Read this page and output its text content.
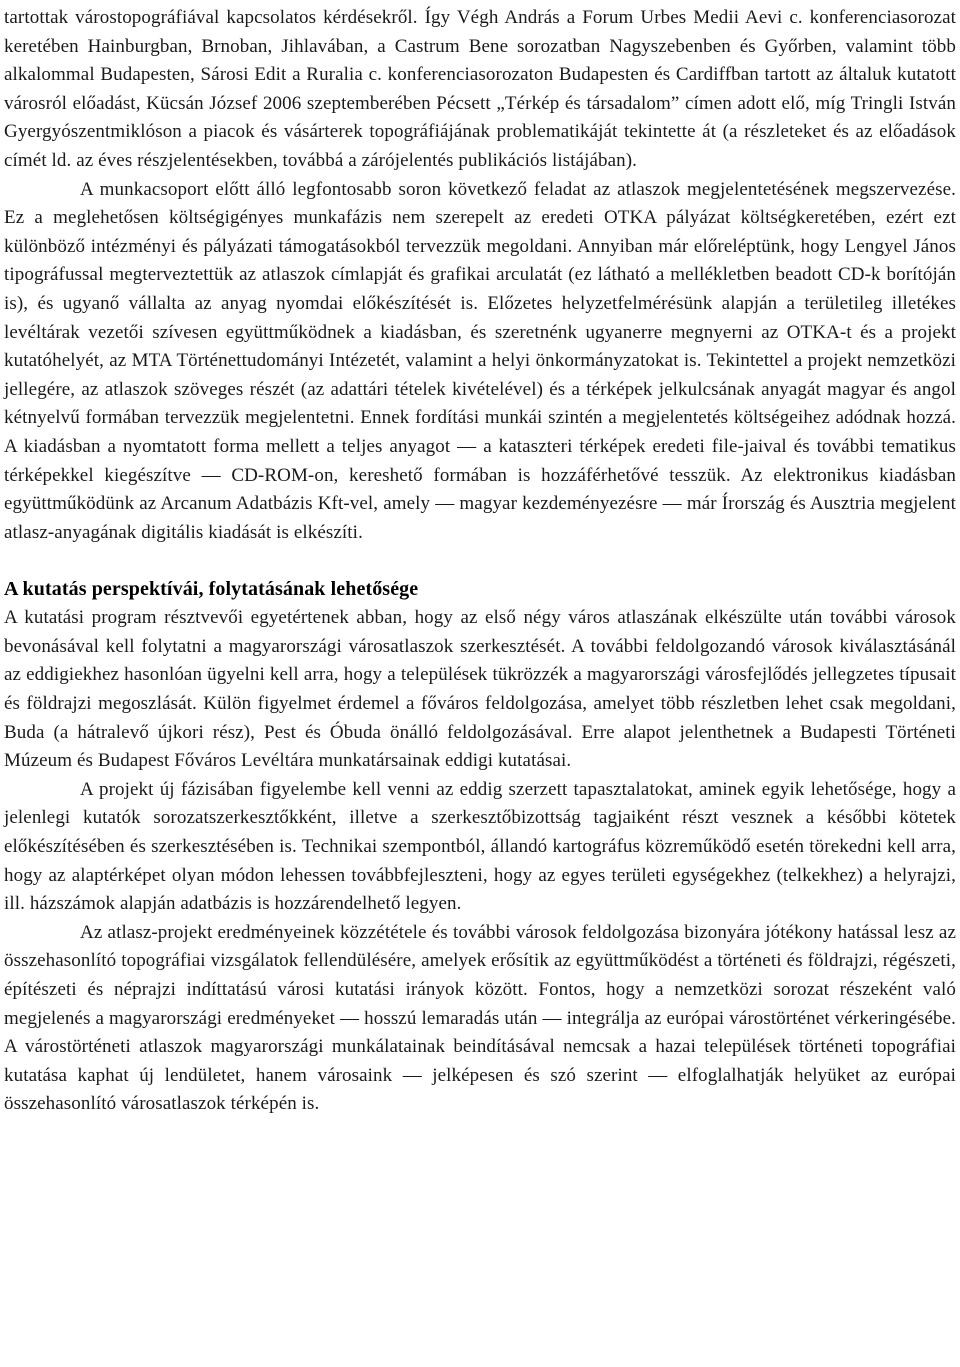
tartottak várostopográfiával kapcsolatos kérdésekről. Így Végh András a Forum Urbes Medii Aevi c. konferenciasorozat keretében Hainburgban, Brnoban, Jihlavában, a Castrum Bene sorozatban Nagyszebenben és Győrben, valamint több alkalommal Budapesten, Sárosi Edit a Ruralia c. konferenciasorozaton Budapesten és Cardiffban tartott az általuk kutatott városról előadást, Kücsán József 2006 szeptemberében Pécsett „Térkép és társadalom” címen adott elő, míg Tringli István Gyergyószentmiklóson a piacok és vásárterek topográfiájának problematikáját tekintette át (a részleteket és az előadások címét ld. az éves részjelentésekben, továbbá a zárójelentés publikációs listájában).

A munkacsoport előtt álló legfontosabb soron következő feladat az atlaszok megjelentetésének megszervezése. Ez a meglehetősen költségigényes munkafázis nem szerepelt az eredeti OTKA pályázat költségkeretében, ezért ezt különböző intézményi és pályázati támogatásokból tervezzük megoldani. Annyiban már előreléptünk, hogy Lengyel János tipográfussal megterveztettük az atlaszok címlapját és grafikai arculatát (ez látható a mellékletben beadott CD-k borítóján is), és ugyanő vállalta az anyag nyomdai előkészítését is. Előzetes helyzetfelmérésünk alapján a területileg illetékes levéltárak vezetői szívesen együttműködnek a kiadásban, és szeretnénk ugyanerre megnyerni az OTKA-t és a projekt kutatóhelyét, az MTA Történettudományi Intézetét, valamint a helyi önkormányzatokat is. Tekintettel a projekt nemzetközi jellegére, az atlaszok szöveges részét (az adattári tételek kivételével) és a térképek jelkulcsának anyagát magyar és angol kétnyelvű formában tervezzük megjelentetni. Ennek fordítási munkái szintén a megjelentetés költségeihez adódnak hozzá. A kiadásban a nyomtatott forma mellett a teljes anyagot — a kataszteri térképek eredeti file-jaival és további tematikus térképekkel kiegészítve — CD-ROM-on, kereshető formában is hozzáférhetővé tesszük. Az elektronikus kiadásban együttműködünk az Arcanum Adatbázis Kft-vel, amely — magyar kezdeményezésre — már Írország és Ausztria megjelent atlasz-anyagának digitális kiadását is elkészíti.

A kutatás perspektívái, folytatásának lehetősége

A kutatási program résztvevői egyetértenek abban, hogy az első négy város atlaszának elkészülte után további városok bevonásával kell folytatni a magyarországi városatlaszok szerkesztését. A további feldolgozandó városok kiválasztásánál az eddigiekhez hasonlóan ügyelni kell arra, hogy a települések tükrözzék a magyarországi városfejlődés jellegzetes típusait és földrajzi megoszlását. Külön figyelmet érdemel a főváros feldolgozása, amelyet több részletben lehet csak megoldani, Buda (a hátralevő újkori rész), Pest és Óbuda önálló feldolgozásával. Erre alapot jelenthetnek a Budapesti Történeti Múzeum és Budapest Főváros Levéltára munkatársainak eddigi kutatásai.

A projekt új fázisában figyelembe kell venni az eddig szerzett tapasztalatokat, aminek egyik lehetősége, hogy a jelenlegi kutatók sorozatszerkesztőkként, illetve a szerkesztőbizottság tagjaiként részt vesznek a későbbi kötetek előkészítésében és szerkesztésében is. Technikai szempontból, állandó kartográfus közreműködő esetén törekedni kell arra, hogy az alaptérképet olyan módon lehessen továbbfejleszteni, hogy az egyes területi egységekhez (telkekhez) a helyrajzi, ill. házszámok alapján adatbázis is hozzárendelhető legyen.

Az atlasz-projekt eredményeinek közzététele és további városok feldolgozása bizonyára jótékony hatással lesz az összehasonlító topográfiai vizsgálatok fellendülésére, amelyek erősítik az együttműködést a történeti és földrajzi, régészeti, építészeti és néprajzi indíttatású városi kutatási irányok között. Fontos, hogy a nemzetközi sorozat részeként való megjelenés a magyarországi eredményeket — hosszú lemaradás után — integrálja az európai várostörténet vérkeringésébe. A várostörténeti atlaszok magyarországi munkálatainak beindításával nemcsak a hazai települések történeti topográfiai kutatása kaphat új lendületet, hanem városaink — jelképesen és szó szerint — elfoglalhatják helyüket az európai összehasonlító városatlaszok térképén is.
